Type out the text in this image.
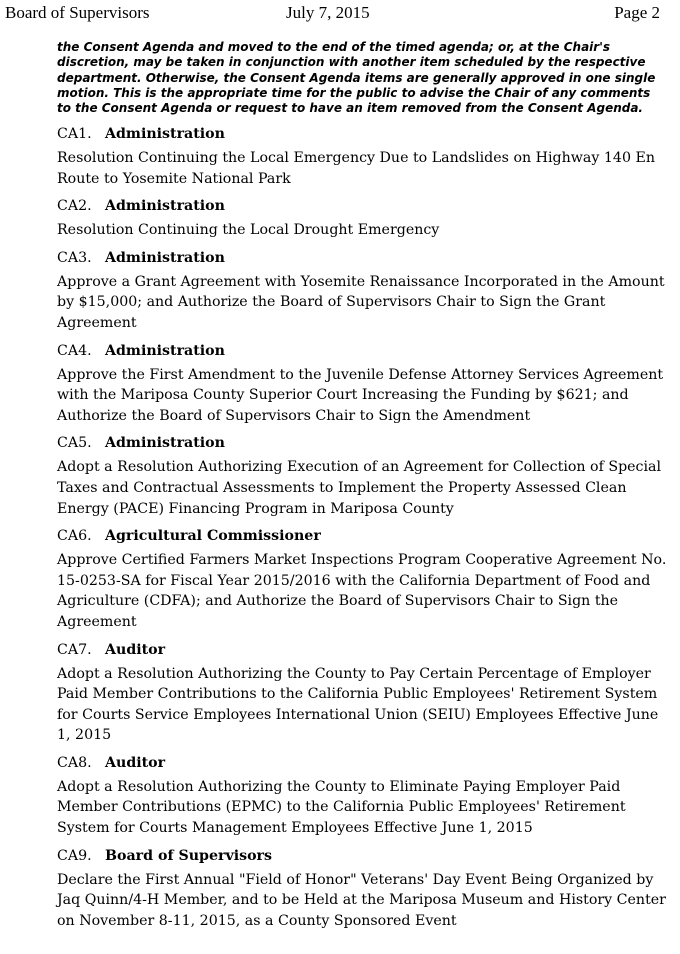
Board of Supervisors	July 7, 2015	Page 2
the Consent Agenda and moved to the end of the timed agenda; or, at the Chair's discretion, may be taken in conjunction with another item scheduled by the respective department. Otherwise, the Consent Agenda items are generally approved in one single motion. This is the appropriate time for the public to advise the Chair of any comments to the Consent Agenda or request to have an item removed from the Consent Agenda.
CA1. Administration
Resolution Continuing the Local Emergency Due to Landslides on Highway 140 En Route to Yosemite National Park
CA2. Administration
Resolution Continuing the Local Drought Emergency
CA3. Administration
Approve a Grant Agreement with Yosemite Renaissance Incorporated in the Amount by $15,000; and Authorize the Board of Supervisors Chair to Sign the Grant Agreement
CA4. Administration
Approve the First Amendment to the Juvenile Defense Attorney Services Agreement with the Mariposa County Superior Court Increasing the Funding by $621; and Authorize the Board of Supervisors Chair to Sign the Amendment
CA5. Administration
Adopt a Resolution Authorizing Execution of an Agreement for Collection of Special Taxes and Contractual Assessments to Implement the Property Assessed Clean Energy (PACE) Financing Program in Mariposa County
CA6. Agricultural Commissioner
Approve Certified Farmers Market Inspections Program Cooperative Agreement No. 15-0253-SA for Fiscal Year 2015/2016 with the California Department of Food and Agriculture (CDFA); and Authorize the Board of Supervisors Chair to Sign the Agreement
CA7. Auditor
Adopt a Resolution Authorizing the County to Pay Certain Percentage of Employer Paid Member Contributions to the California Public Employees' Retirement System for Courts Service Employees International Union (SEIU) Employees Effective June 1, 2015
CA8. Auditor
Adopt a Resolution Authorizing the County to Eliminate Paying Employer Paid Member Contributions (EPMC) to the California Public Employees' Retirement System for Courts Management Employees Effective June 1, 2015
CA9. Board of Supervisors
Declare the First Annual "Field of Honor" Veterans' Day Event Being Organized by Jaq Quinn/4-H Member, and to be Held at the Mariposa Museum and History Center on November 8-11, 2015, as a County Sponsored Event
